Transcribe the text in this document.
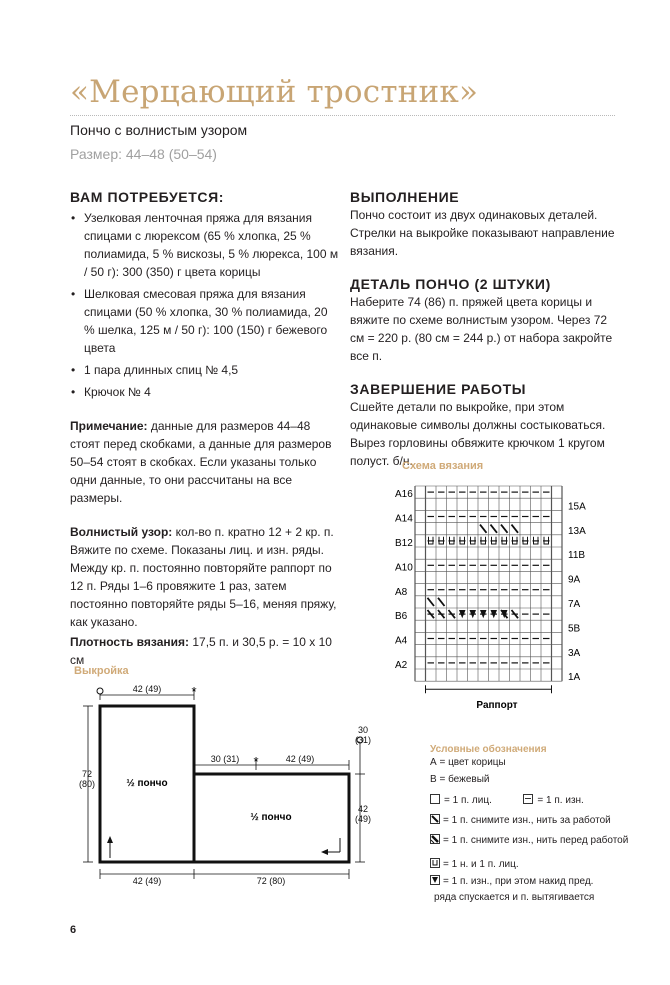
«Мерцающий тростник»
Пончо с волнистым узором
Размер: 44–48 (50–54)
ВАМ ПОТРЕБУЕТСЯ:
• Узелковая ленточная пряжа для вязания спицами с люрексом (65 % хлопка, 25 % полиамида, 5 % вискозы, 5 % люрекса, 100 м / 50 г): 300 (350) г цвета корицы
• Шелковая смесовая пряжа для вязания спицами (50 % хлопка, 30 % полиамида, 20 % шелка, 125 м / 50 г): 100 (150) г бежевого цвета
• 1 пара длинных спиц № 4,5
• Крючок № 4

Примечание: данные для размеров 44–48 стоят перед скобками, а данные для размеров 50–54 стоят в скобках. Если указаны только одни данные, то они рассчитаны на все размеры.

Волнистый узор: кол-во п. кратно 12 + 2 кр. п. Вяжите по схеме. Показаны лиц. и изн. ряды. Между кр. п. постоянно повторяйте раппорт по 12 п. Ряды 1–6 провяжите 1 раз, затем постоянно повторяйте ряды 5–16, меняя пряжу, как указано.

Плотность вязания: 17,5 п. и 30,5 р. = 10 х 10 см

ВЫПОЛНЕНИЕ

Пончо состоит из двух одинаковых деталей. Стрелки на выкройке показывают направление вязания.

ДЕТАЛЬ ПОНЧО (2 ШТУКИ)

Наберите 74 (86) п. пряжей цвета корицы и вяжите по схеме волнистым узором. Через 72 см = 220 р. (80 см = 244 р.) от набора закройте все п.

ЗАВЕРШЕНИЕ РАБОТЫ

Сшейте детали по выкройке, при этом одинаковые символы должны состыковаться. Вырез горловины обвяжите крючком 1 кругом полуст. б/н.

Схема вязания
A16
A14
B12
A10
A8
B6
A4
A2
15A
13A
11B
9A
7A
5B
3A
1A
Раппорт
Условные обозначения
А = цвет корицы
В = бежевый
= 1 п. лиц.	= 1 п. изн.
= 1 п. снимите изн., нить за работой
= 1 п. снимите изн., нить перед работой
= 1 н. и 1 п. лиц.
= 1 п. изн., при этом накид пред.
ряда спускается и п. вытягивается
Выкройка
*
*
42 (49)
72
(80)
30 (31)	42 (49)
30
(31)
42
(49)
42 (49)	72 (80)
½ пончо
½ пончо
6
